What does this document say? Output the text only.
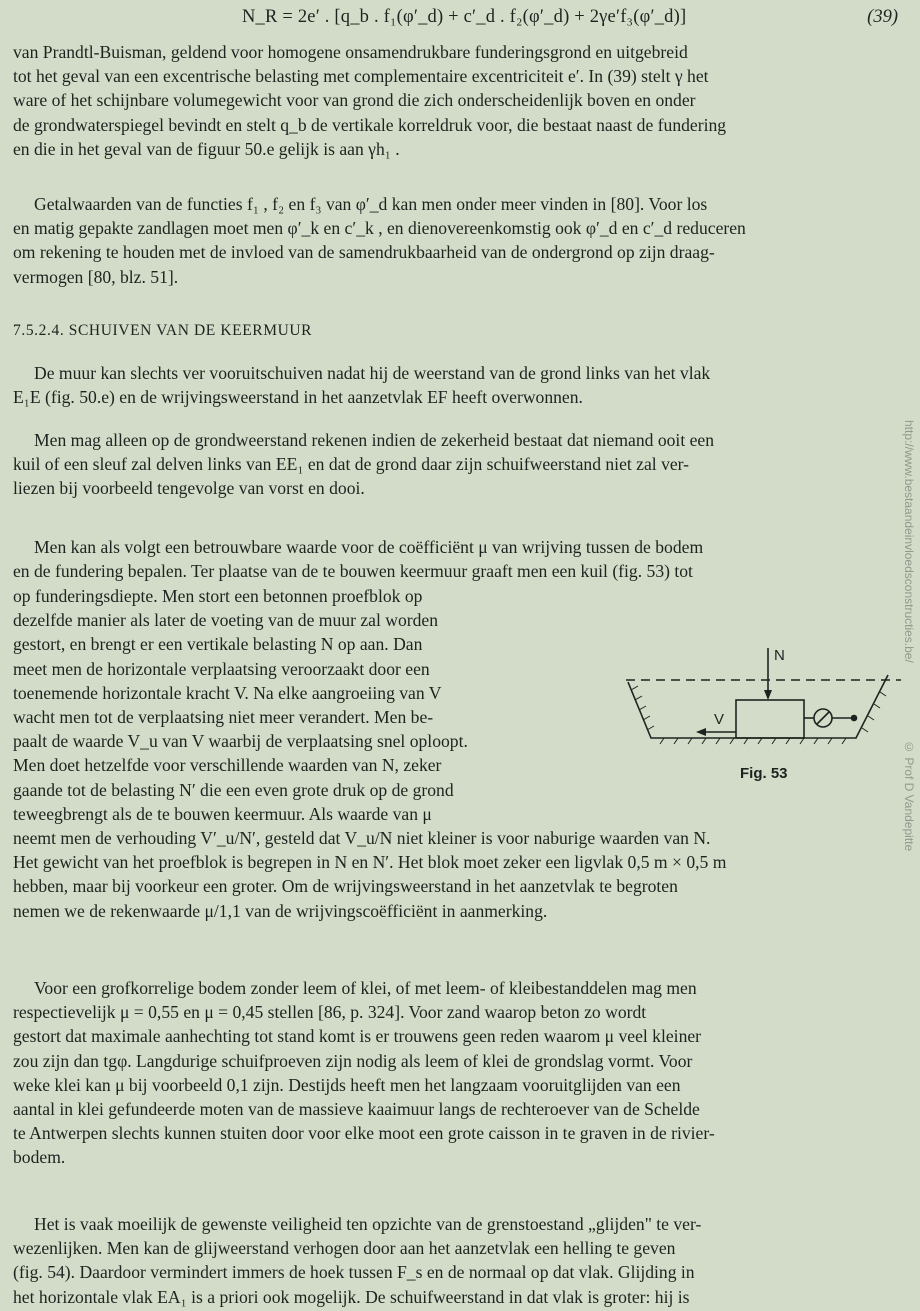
N_R = 2e′ . [q_b . f₁(φ′_d) + c′_d . f₂(φ′_d) + 2γe′f₃(φ′_d)]	(39)
van Prandtl-Buisman, geldend voor homogene onsamendrukbare funderingsgrond en uitgebreid
tot het geval van een excentrische belasting met complementaire excentriciteit e′. In (39) stelt γ het
ware of het schijnbare volumegewicht voor van grond die zich onderscheidenlijk boven en onder
de grondwaterspiegel bevindt en stelt q_b de vertikale korreldruk voor, die bestaat naast de fundering
en die in het geval van de figuur 50.e gelijk is aan γh₁ .
Getalwaarden van de functies f₁ , f₂ en f₃ van φ′_d kan men onder meer vinden in [80]. Voor los
en matig gepakte zandlagen moet men φ′_k en c′_k , en dienovereenkomstig ook φ′_d en c′_d reduceren
om rekening te houden met de invloed van de samendrukbaarheid van de ondergrond op zijn draag-
vermogen [80, blz. 51].
7.5.2.4. SCHUIVEN VAN DE KEERMUUR
De muur kan slechts ver vooruitschuiven nadat hij de weerstand van de grond links van het vlak
E₁E (fig. 50.e) en de wrijvingsweerstand in het aanzetvlak EF heeft overwonnen.
Men mag alleen op de grondweerstand rekenen indien de zekerheid bestaat dat niemand ooit een
kuil of een sleuf zal delven links van EE₁ en dat de grond daar zijn schuifweerstand niet zal ver-
liezen bij voorbeeld tengevolge van vorst en dooi.
Men kan als volgt een betrouwbare waarde voor de coëfficiënt μ van wrijving tussen de bodem
en de fundering bepalen. Ter plaatse van de te bouwen keermuur graaft men een kuil (fig. 53) tot
op funderingsdiepte. Men stort een betonnen proefblok op
dezelfde manier als later de voeting van de muur zal worden
gestort, en brengt er een vertikale belasting N op aan. Dan
meet men de horizontale verplaatsing veroorzaakt door een
toenemende horizontale kracht V. Na elke aangroeiing van V
wacht men tot de verplaatsing niet meer verandert. Men be-
paalt de waarde V_u van V waarbij de verplaatsing snel oploopt.
Men doet hetzelfde voor verschillende waarden van N, zeker
gaande tot de belasting N′ die een even grote druk op de grond
teweegbrengt als de te bouwen keermuur. Als waarde van μ
neemt men de verhouding V′_u/N′, gesteld dat V_u/N niet kleiner is voor naburige waarden van N.
Het gewicht van het proefblok is begrepen in N en N′. Het blok moet zeker een ligvlak 0,5 m × 0,5 m
hebben, maar bij voorkeur een groter. Om de wrijvingsweerstand in het aanzetvlak te begroten
nemen we de rekenwaarde μ/1,1 van de wrijvingscoëfficiënt in aanmerking.
N
V
Fig. 53
Voor een grofkorrelige bodem zonder leem of klei, of met leem- of kleibestanddelen mag men
respectievelijk μ = 0,55 en μ = 0,45 stellen [86, p. 324]. Voor zand waarop beton zo wordt
gestort dat maximale aanhechting tot stand komt is er trouwens geen reden waarom μ veel kleiner
zou zijn dan tgφ. Langdurige schuifproeven zijn nodig als leem of klei de grondslag vormt. Voor
weke klei kan μ bij voorbeeld 0,1 zijn. Destijds heeft men het langzaam vooruitglijden van een
aantal in klei gefundeerde moten van de massieve kaaimuur langs de rechteroever van de Schelde
te Antwerpen slechts kunnen stuiten door voor elke moot een grote caisson in te graven in de rivier-
bodem.
Het is vaak moeilijk de gewenste veiligheid ten opzichte van de grenstoestand „glijden" te ver-
wezenlijken. Men kan de glijweerstand verhogen door aan het aanzetvlak een helling te geven
(fig. 54). Daardoor vermindert immers de hoek tussen F_s en de normaal op dat vlak. Glijding in
het horizontale vlak EA₁ is a priori ook mogelijk. De schuifweerstand in dat vlak is groter: hij is
http://www.bestaandeinvloedsconstructies.be/
© Prof D Vandepitte
